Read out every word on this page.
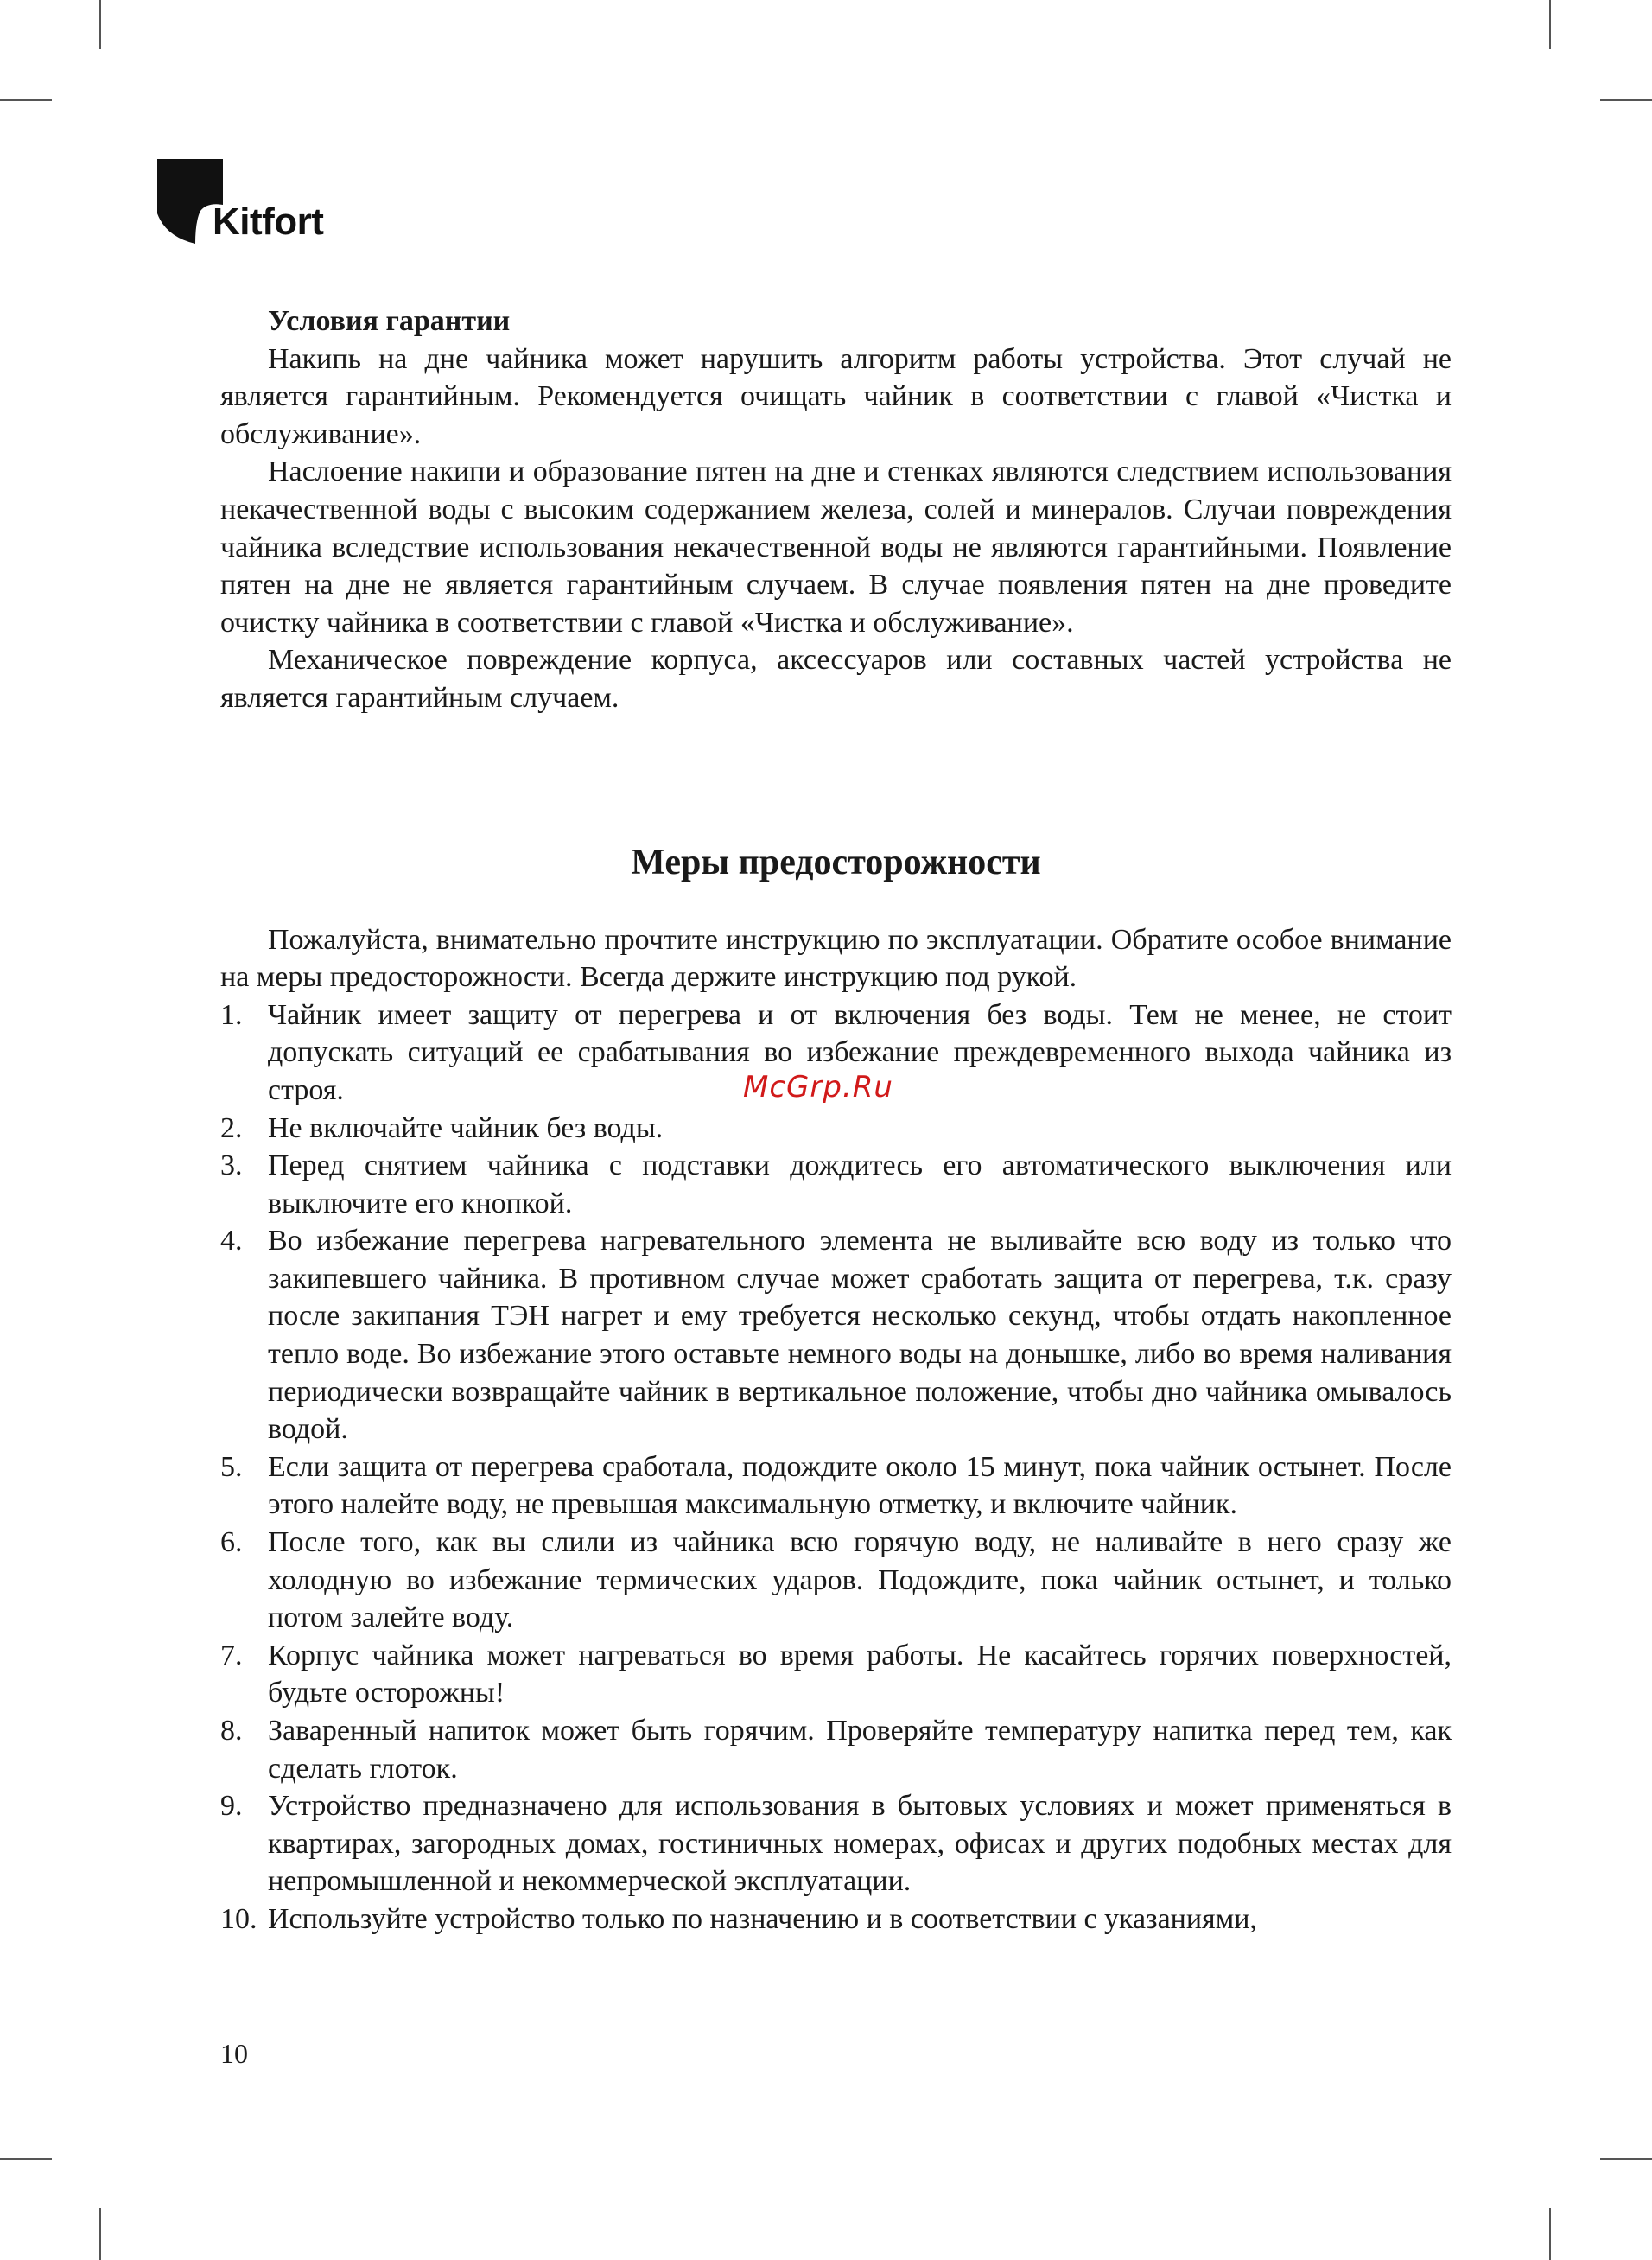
Kitfort
Условия гарантии

Накипь на дне чайника может нарушить алгоритм работы устройства. Этот случай не является гарантийным. Рекомендуется очищать чайник в соответствии с главой «Чистка и обслуживание».

Наслоение накипи и образование пятен на дне и стенках являются следствием использования некачественной воды с высоким содержанием железа, солей и минералов. Случаи повреждения чайника вследствие использования некачественной воды не являются гарантийными. Появление пятен на дне не является гарантийным случаем. В случае появления пятен на дне проведите очистку чайника в соответствии с главой «Чистка и обслуживание».

Механическое повреждение корпуса, аксессуаров или составных частей устройства не является гарантийным случаем.

Меры предосторожности

Пожалуйста, внимательно прочтите инструкцию по эксплуатации. Обратите особое внимание на меры предосторожности. Всегда держите инструкцию под рукой.

1. Чайник имеет защиту от перегрева и от включения без воды. Тем не менее, не стоит допускать ситуаций ее срабатывания во избежание преждевременного выхода чайника из строя.
2. Не включайте чайник без воды.
3. Перед снятием чайника с подставки дождитесь его автоматического выключения или выключите его кнопкой.
4. Во избежание перегрева нагревательного элемента не выливайте всю воду из только что закипевшего чайника. В противном случае может сработать защита от перегрева, т.к. сразу после закипания ТЭН нагрет и ему требуется несколько секунд, чтобы отдать накопленное тепло воде. Во избежание этого оставьте немного воды на донышке, либо во время наливания периодически возвращайте чайник в вертикальное положение, чтобы дно чайника омывалось водой.
5. Если защита от перегрева сработала, подождите около 15 минут, пока чайник остынет. После этого налейте воду, не превышая максимальную отметку, и включите чайник.
6. После того, как вы слили из чайника всю горячую воду, не наливайте в него сразу же холодную во избежание термических ударов. Подождите, пока чайник остынет, и только потом залейте воду.
7. Корпус чайника может нагреваться во время работы. Не касайтесь горячих поверхностей, будьте осторожны!
8. Заваренный напиток может быть горячим. Проверяйте температуру напитка перед тем, как сделать глоток.
9. Устройство предназначено для использования в бытовых условиях и может применяться в квартирах, загородных домах, гостиничных номерах, офисах и других подобных местах для непромышленной и некоммерческой эксплуатации.
10. Используйте устройство только по назначению и в соответствии с указаниями,
McGrp.Ru
10
